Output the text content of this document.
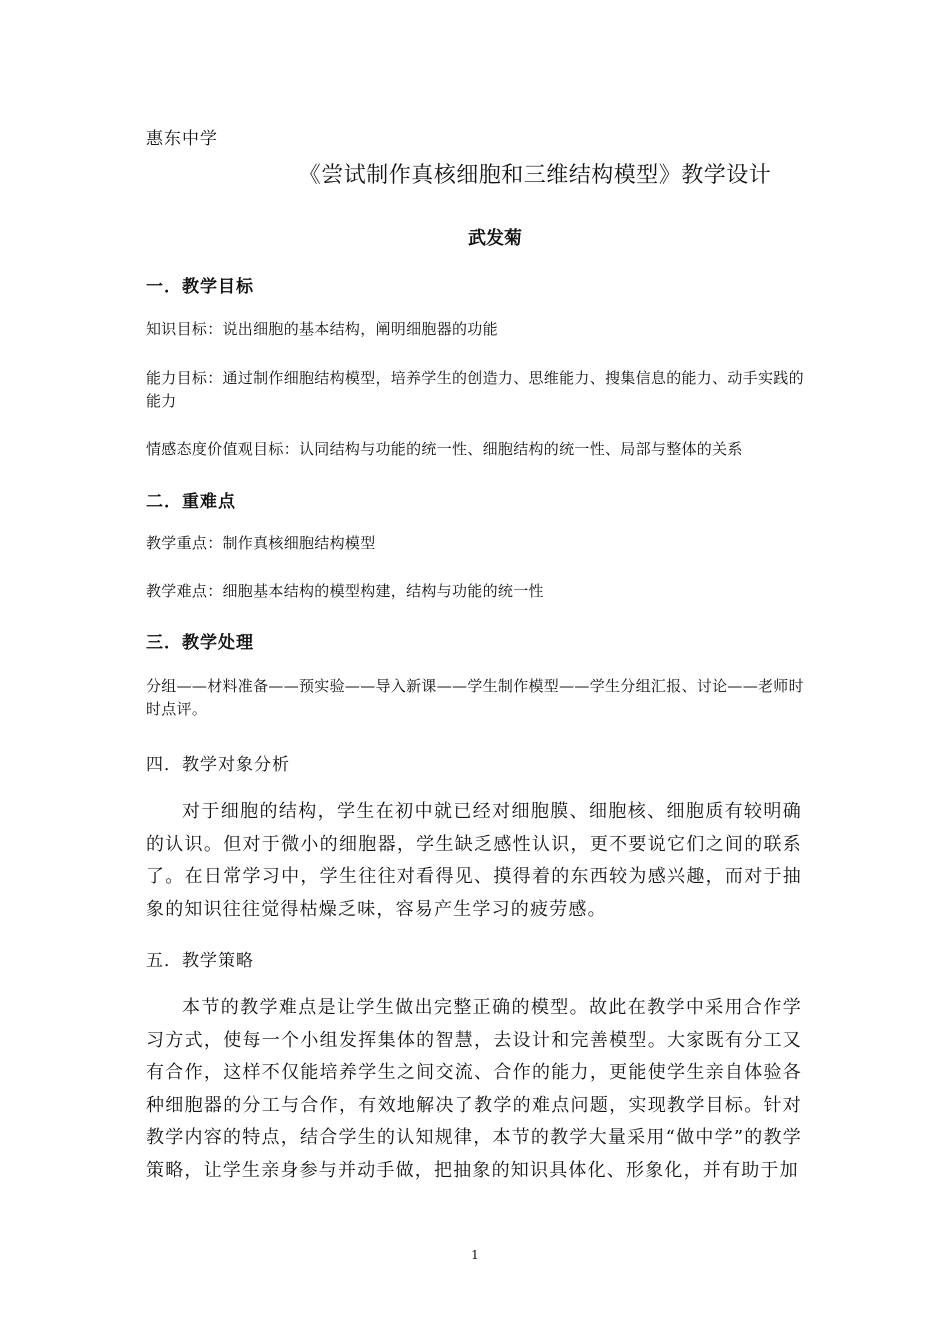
惠东中学
《尝试制作真核细胞和三维结构模型》教学设计
武发菊
一．教学目标
知识目标：说出细胞的基本结构，阐明细胞器的功能
能力目标：通过制作细胞结构模型，培养学生的创造力、思维能力、搜集信息的能力、动手实践的能力
情感态度价值观目标：认同结构与功能的统一性、细胞结构的统一性、局部与整体的关系
二．重难点
教学重点：制作真核细胞结构模型
教学难点：细胞基本结构的模型构建，结构与功能的统一性
三．教学处理
分组——材料准备——预实验——导入新课——学生制作模型——学生分组汇报、讨论——老师时时点评。
四．教学对象分析
对于细胞的结构，学生在初中就已经对细胞膜、细胞核、细胞质有较明确的认识。但对于微小的细胞器，学生缺乏感性认识，更不要说它们之间的联系了。在日常学习中，学生往往对看得见、摸得着的东西较为感兴趣，而对于抽象的知识往往觉得枯燥乏味，容易产生学习的疲劳感。
五．教学策略
本节的教学难点是让学生做出完整正确的模型。故此在教学中采用合作学习方式，使每一个小组发挥集体的智慧，去设计和完善模型。大家既有分工又有合作，这样不仅能培养学生之间交流、合作的能力，更能使学生亲自体验各种细胞器的分工与合作，有效地解决了教学的难点问题，实现教学目标。针对教学内容的特点，结合学生的认知规律，本节的教学大量采用“做中学”的教学策略，让学生亲身参与并动手做，把抽象的知识具体化、形象化，并有助于加
1
